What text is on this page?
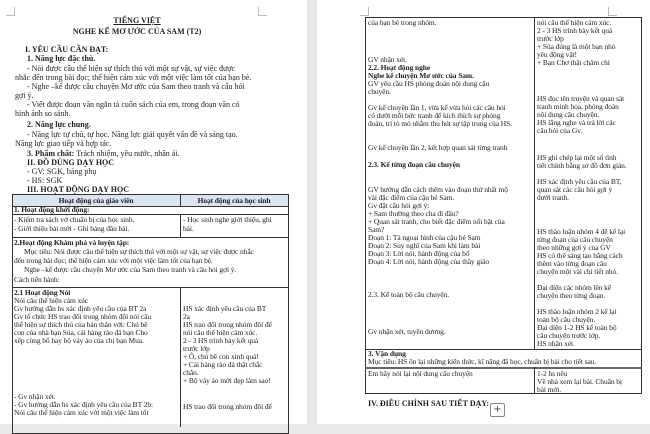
TIẾNG VIỆT
NGHE KỂ MƠ ƯỚC CỦA SAM (T2)
I. YÊU CẦU CẦN ĐẠT:
1. Năng lực đặc thù.
- Nói được câu thể hiện sự thích thú với một sự vật, sự việc được
nhắc đến trong bài đọc; thể hiện cảm xúc với một việc làm tốt của bạn bè.
- Nghe –kể được câu chuyện Mơ ước của Sam theo tranh và câu hỏi
gợi ý.
- Viết được đoạn văn ngắn tả cuốn sách của em, trong đoạn văn có
hình ảnh so sánh.
2. Năng lực chung.
- Năng lực tự chủ, tự học. Năng lực giải quyết vấn đề và sáng tạo.
Năng lực giao tiếp và hợp tác.
3. Phẩm chất: Trách nhiệm, yêu nước, nhân ái.
II. ĐỒ DÙNG DẠY HỌC
- GV: SGK, bảng phụ
- HS: SGK
III. HOẠT ĐỘNG DẠY HỌC
Hoạt động của giáo viên	Hoạt động của học sinh
1. Hoạt động khởi động:
- Kiểm tra sách vở chuẩn bị của học sinh.
- Giới thiệu bài mới - Ghi bảng đầu bài.
- Học sinh nghe giới thiệu, ghi
bài.
2.Hoạt động Khám phá và luyện tập:
Mục tiêu: Nói được câu thể hiện sự thích thú với một sự vật, sự việc được nhắc
đến trong bài đọc; thể hiện cảm xúc với một việc làm tốt của bạn bè.
Nghe –kể được câu chuyện Mơ ước của Sam theo tranh và câu hỏi gợi ý.
Cách tiến hành:
2.1 Hoạt động Nói
Nói câu thể hiện cảm xúc
Gv hướng dẫn hs xác định yêu cầu của BT 2a
Gv tổ chức HS trao đổi trong nhóm đôi nói câu
thể hiện sự thích thú của bản thân với: Chú bê
con của nhà bạn Súa, cái hàng rào đá bạn Cho
xếp cùng bố hay bộ váy áo của chị bạn Mua.
- Gv nhận xét.
- Gv hướng dẫn hs xác định yêu cầu của BT 2b:
Nói câu thể hiện cảm xúc với một việc làm tốt
HS xác định yêu cầu của BT
2a
HS trao đổi trong nhóm đôi để
nói câu thể hiện cảm xúc.
2 - 3 HS trình bày kết quả
trước lớp
+ Ô, chú bê con xinh quá!
+ Cái hàng rào đá thật chắc
chắn.
+ Bộ váy áo mới đẹp làm sao!
HS trao đổi trong nhóm đôi để
của bạn bè trong nhóm.
GV nhận xét.
2.2. Hoạt động nghe
Nghe kể chuyện Mơ ước của Sam.
GV yêu cầu HS phỏng đoán nội dung câu
chuyện.
Gv kể chuyện lần 1, vừa kể vừa hỏi các câu hỏi
có dưới mỗi bức tranh để kích thích sự phỏng
đoán, trí tò mò nhằm thu hút sự tập trung của HS.
Gv kể chuyện lần 2, kết hợp quan sát từng tranh
2.3. Kể từng đoạn câu chuyện
GV hướng dẫn cách thêm vào đoạn thứ nhất mộ
vài đặc điểm của cậu bé Sam.
Gv đặt câu hỏi gợi ý:
+ Sam thường theo cha đi đâu?
+ Quan sát tranh, cho biết đặc điểm nổi bật của
Sam?
Đoạn 1: Tả ngoại hình của cậu bé Sam
Đoạn 2: Suy nghĩ của Sam khi làm bài
Đoạn 3: Lời nói, hành động của bố
Đoạn 4: Lời nói, hành động của thầy giáo
2.3. Kể toàn bộ câu chuyện.
Gv nhận xét, tuyên dương.
nói câu thể hiện cảm xúc.
2 - 3 HS trình bày kết quả
trước lớp
+ Súa đúng là một bạn nhỏ
yêu động vật!
+ Bạn Chơ thật chăm chỉ
HS đọc tên truyện và quan sát
tranh minh họa, phỏng đoán
nội dung câu chuyện.
HS lắng nghe và trả lời các
câu hỏi của Gv.
HS ghi chép lại một số tình
tiết chính bằng sơ đồ đơn giản.
HS xác định yêu cầu của BT,
quan sát các câu hỏi gợi ý
dưới tranh.
HS thảo luận nhóm 4 để kể lại
từng đoạn của câu chuyện
theo những gợi ý của GV
HS có thể sáng tạo bằng cách
thêm vào từng đoạn câu
chuyện một vài chi tiết nhỏ.
Đại diện các nhóm lên kể
chuyện theo từng đoạn.
HS thảo luận nhóm 2 kể lại
toàn bộ câu chuyện.
Đại diện 1-2 HS kể toàn bộ
câu chuyện trước lớp.
HS nhận xét.
3. Vận dụng
Mục tiêu: HS ôn lại những kiến thức, kĩ năng đã học, chuẩn bị bài cho tiết sau.
Em hãy nói lại nội dung câu chuyện	1-2 hs nêu
Về nhà xem lại bài. Chuẩn bị
bài mới.
IV. ĐIỀU CHỈNH SAU TIẾT DẠY:
+
